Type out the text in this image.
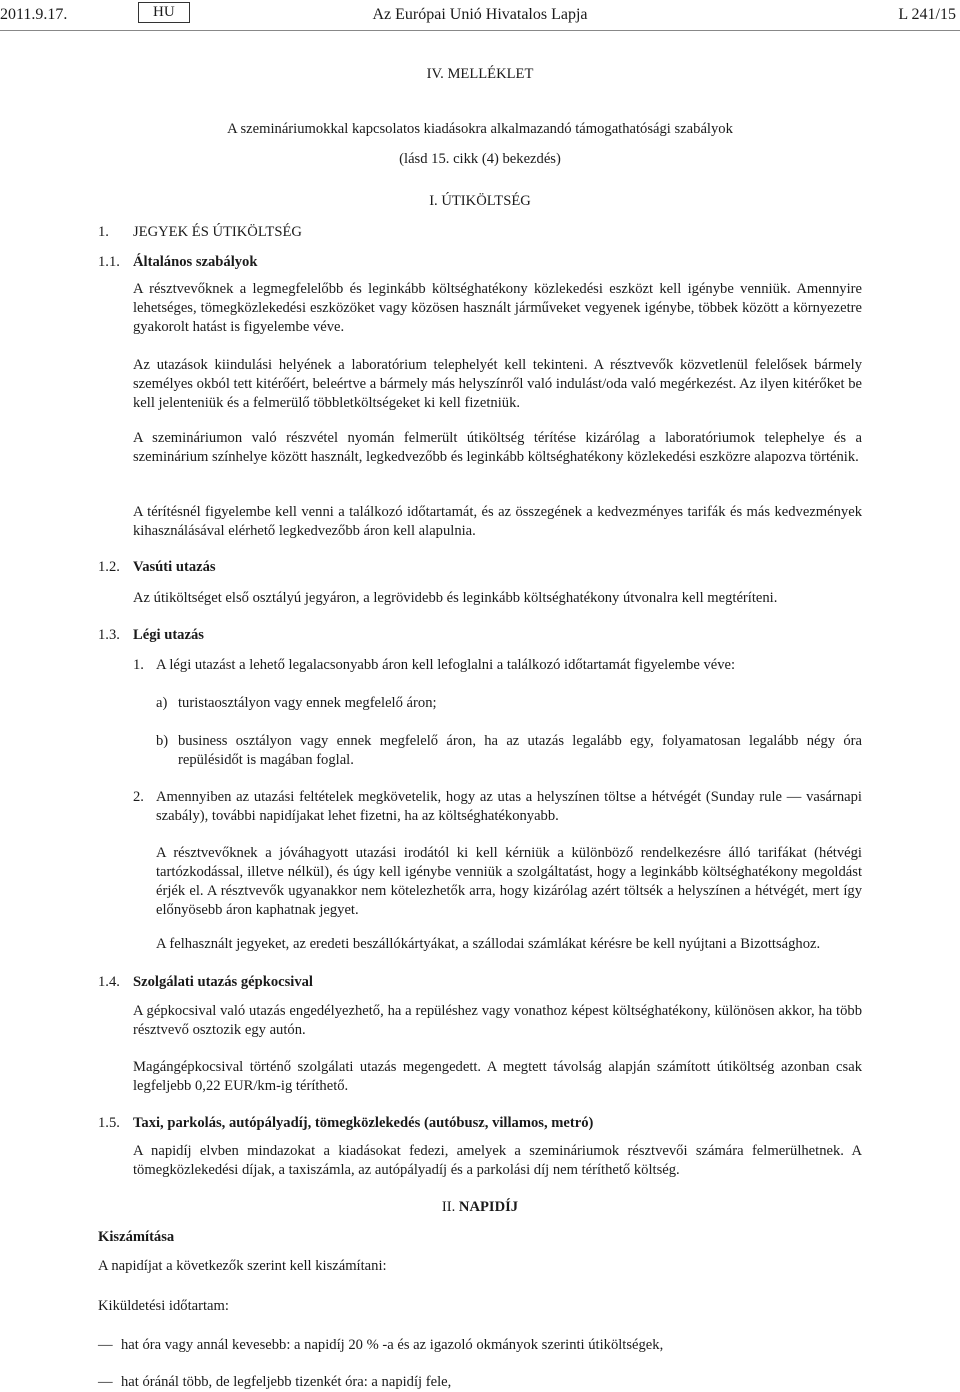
Az Európai Unió Hivatalos Lapja
2011.9.17.	HU	L 241/15
IV. MELLÉKLET
A szemináriumokkal kapcsolatos kiadásokra alkalmazandó támogathatósági szabályok
(lásd 15. cikk (4) bekezdés)
I. ÚTIKÖLTSÉG
1. JEGYEK ÉS ÚTIKÖLTSÉG
1.1. Általános szabályok

A résztvevőknek a legmegfelelőbb és leginkább költséghatékony közlekedési eszközt kell igénybe venniük. Amennyire lehetséges, tömegközlekedési eszközöket vagy közösen használt járműveket vegyenek igénybe, többek között a környezetre gyakorolt hatást is figyelembe véve.

Az utazások kiindulási helyének a laboratórium telephelyét kell tekinteni. A résztvevők közvetlenül felelősek bármely személyes okból tett kitérőért, beleértve a bármely más helyszínről való indulást/oda való megérkezést. Az ilyen kitérőket be kell jelenteniük és a felmerülő többletköltségeket ki kell fizetniük.

A szemináriumon való részvétel nyomán felmerült útiköltség térítése kizárólag a laboratóriumok telephelye és a szeminárium színhelye között használt, legkedvezőbb és leginkább költséghatékony közlekedési eszközre alapozva történik.

A térítésnél figyelembe kell venni a találkozó időtartamát, és az összegének a kedvezményes tarifák és más kedvezmények kihasználásával elérhető legkedvezőbb áron kell alapulnia.

1.2. Vasúti utazás

Az útiköltséget első osztályú jegyáron, a legrövidebb és leginkább költséghatékony útvonalra kell megtéríteni.

1.3. Légi utazás
1. A légi utazást a lehető legalacsonyabb áron kell lefoglalni a találkozó időtartamát figyelembe véve:

a) turistaosztályon vagy ennek megfelelő áron;

b) business osztályon vagy ennek megfelelő áron, ha az utazás legalább egy, folyamatosan legalább négy óra repülésidőt is magában foglal.

2. Amennyiben az utazási feltételek megkövetelik, hogy az utas a helyszínen töltse a hétvégét (Sunday rule — vasárnapi szabály), további napidíjakat lehet fizetni, ha az költséghatékonyabb.

A résztvevőknek a jóváhagyott utazási irodától ki kell kérniük a különböző rendelkezésre álló tarifákat (hétvégi tartózkodással, illetve nélkül), és úgy kell igénybe venniük a szolgáltatást, hogy a leginkább költséghatékony megoldást érjék el. A résztvevők ugyanakkor nem kötelezhetők arra, hogy kizárólag azért töltsék a helyszínen a hétvégét, mert így előnyösebb áron kaphatnak jegyet.

A felhasznált jegyeket, az eredeti beszállókártyákat, a szállodai számlákat kérésre be kell nyújtani a Bizottsághoz.

1.4. Szolgálati utazás gépkocsival

A gépkocsival való utazás engedélyezhető, ha a repüléshez vagy vonathoz képest költséghatékony, különösen akkor, ha több résztvevő osztozik egy autón.

Magángépkocsival történő szolgálati utazás megengedett. A megtett távolság alapján számított útiköltség azonban csak legfeljebb 0,22 EUR/km-ig téríthető.

1.5. Taxi, parkolás, autópályadíj, tömegközlekedés (autóbusz, villamos, metró)

A napidíj elvben mindazokat a kiadásokat fedezi, amelyek a szemináriumok résztvevői számára felmerülhetnek. A tömegközlekedési díjak, a taxiszámla, az autópályadíj és a parkolási díj nem téríthető költség.

II. NAPIDÍJ
Kiszámítása

A napidíjat a következők szerint kell kiszámítani:

Kiküldetési időtartam:

— hat óra vagy annál kevesebb: a napidíj 20 % -a és az igazoló okmányok szerinti útiköltségek,

— hat óránál több, de legfeljebb tizenkét óra: a napidíj fele,
